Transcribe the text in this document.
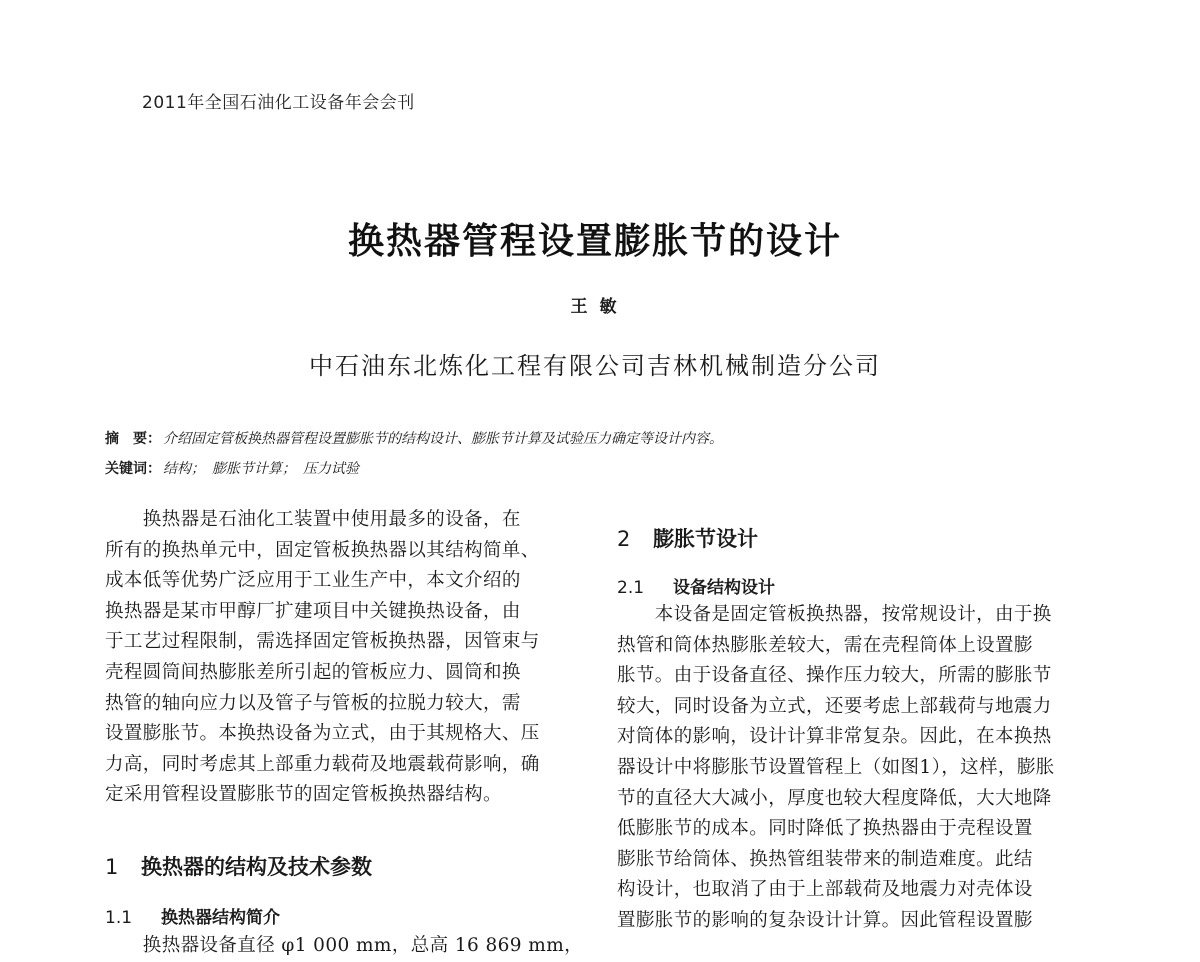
2011年全国石油化工设备年会会刊
换热器管程设置膨胀节的设计
王 敏
中石油东北炼化工程有限公司吉林机械制造分公司
摘　要： 介绍固定管板换热器管程设置膨胀节的结构设计、膨胀节计算及试验压力确定等设计内容。
关键词： 结构；　膨胀节计算；　压力试验

　　换热器是石油化工装置中使用最多的设备，在

所有的换热单元中，固定管板换热器以其结构简单、

成本低等优势广泛应用于工业生产中，本文介绍的

换热器是某市甲醇厂扩建项目中关键换热设备，由

于工艺过程限制，需选择固定管板换热器，因管束与

壳程圆筒间热膨胀差所引起的管板应力、圆筒和换

热管的轴向应力以及管子与管板的拉脱力较大，需

设置膨胀节。本换热设备为立式，由于其规格大、压

力高，同时考虑其上部重力载荷及地震载荷影响，确

定采用管程设置膨胀节的固定管板换热器结构。

1 换热器的结构及技术参数
1.1 换热器结构简介
　　换热器设备直径 φ1 000 mm，总高 16 869 mm，
2 膨胀节设计
2.1 设备结构设计

　　本设备是固定管板换热器，按常规设计，由于换

热管和筒体热膨胀差较大，需在壳程筒体上设置膨

胀节。由于设备直径、操作压力较大，所需的膨胀节

较大，同时设备为立式，还要考虑上部载荷与地震力

对筒体的影响，设计计算非常复杂。因此，在本换热

器设计中将膨胀节设置管程上（如图1），这样，膨胀

节的直径大大减小，厚度也较大程度降低，大大地降

低膨胀节的成本。同时降低了换热器由于壳程设置

膨胀节给筒体、换热管组装带来的制造难度。此结

构设计，也取消了由于上部载荷及地震力对壳体设

置膨胀节的影响的复杂设计计算。因此管程设置膨
